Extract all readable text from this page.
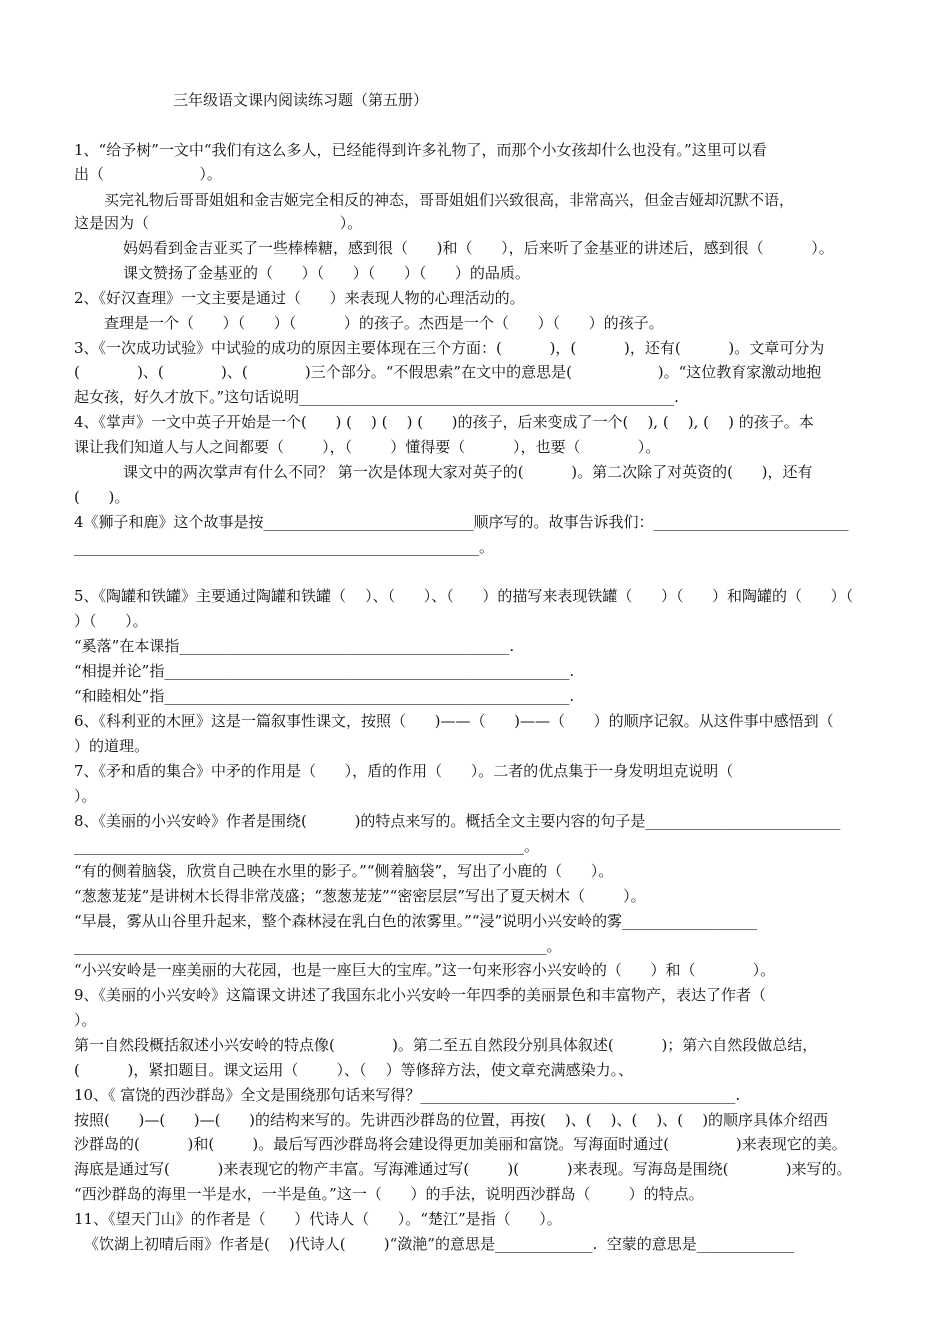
三年级语文课内阅读练习题（第五册）

1、“给予树”一文中“我们有这么多人，已经能得到许多礼物了，而那个小女孩却什么也没有。”这里可以看

出（                    ）。

买完礼物后哥哥姐姐和金吉姬完全相反的神态，哥哥姐姐们兴致很高，非常高兴，但金吉娅却沉默不语，

这是因为（                                        ）。

妈妈看到金吉亚买了一些棒棒糖，感到很（      )和（      ），后来听了金基亚的讲述后，感到很（          ）。

课文赞扬了金基亚的（      ）（      ）（      ）（      ）的品质。

2、《好汉查理》一文主要是通过（      ）来表现人物的心理活动的。

查理是一个（      ）（      ）（          ）的孩子。杰西是一个（      ）（      ）的孩子。

3、《一次成功试验》中试验的成功的原因主要体现在三个方面：(          )，(          )，还有(          )。文章可分为

(            )、(            )、(            )三个部分。“不假思索”在文中的意思是(                  )。“这位教育家激动地抱

起女孩，好久才放下。”这句话说明__________________________________________________.

4、《掌声》一文中英子开始是一个(      ) (    ) (    ) (      )的孩子，后来变成了一个(    ), (    ), (    ) 的孩子。本

课让我们知道人与人之间都要（        ），（        ）懂得要（          ），也要（            ）。

课文中的两次掌声有什么不同？ 第一次是体现大家对英子的(          )。第二次除了对英资的(      )，还有

(      )。

4《狮子和鹿》这个故事是按____________________________顺序写的。故事告诉我们：__________________________

______________________________________________________。

5、《陶罐和铁罐》主要通过陶罐和铁罐（    ）、（      ）、（      ）的描写来表现铁罐（      ）（      ）和陶罐的（      ）（

）（      ）。

“奚落”在本课指____________________________________________.

“相提并论”指______________________________________________________.

“和睦相处”指______________________________________________________.

6、《科利亚的木匣》这是一篇叙事性课文，按照（      )——（      )——（      ）的顺序记叙。从这件事中感悟到（

）的道理。

7、《矛和盾的集合》中矛的作用是（      ），盾的作用（      ）。二者的优点集于一身发明坦克说明（

）。

8、《美丽的小兴安岭》作者是围绕(          )的特点来写的。概括全文主要内容的句子是__________________________

____________________________________________________________。

“有的侧着脑袋，欣赏自己映在水里的影子。”“侧着脑袋”，写出了小鹿的（      ）。

“葱葱茏茏”是讲树木长得非常茂盛；“葱葱茏茏”“密密层层”写出了夏天树木（        ）。

“早晨，雾从山谷里升起来，整个森林浸在乳白色的浓雾里。”“浸”说明小兴安岭的雾__________________

_______________________________________________________________。

“小兴安岭是一座美丽的大花园，也是一座巨大的宝库。”这一句来形容小兴安岭的（      ）和（            ）。

9、《美丽的小兴安岭》这篇课文讲述了我国东北小兴安岭一年四季的美丽景色和丰富物产，表达了作者（

）。

第一自然段概括叙述小兴安岭的特点像(            )。第二至五自然段分别具体叙述(          )；第六自然段做总结，

(          )，紧扣题目。课文运用（        ）、（    ）等修辞方法，使文章充满感染力。、

10、《 富饶的西沙群岛》全文是围绕那句话来写得？__________________________________________.

按照(      )—(      )—(      )的结构来写的。先讲西沙群岛的位置，再按(    )、(    )、(    )、(    )的顺序具体介绍西

沙群岛的(          )和(        )。最后写西沙群岛将会建设得更加美丽和富饶。写海面时通过(              )来表现它的美。

海底是通过写(          )来表现它的物产丰富。写海滩通过写(        )(          )来表现。写海岛是围绕(            )来写的。

“西沙群岛的海里一半是水，一半是鱼。”这一（      ）的手法，说明西沙群岛（        ）的特点。

11、《望天门山》的作者是（      ）代诗人（      ）。“楚江”是指（      ）。

《饮湖上初晴后雨》作者是(    )代诗人(        )“潋滟”的意思是_____________.  空蒙的意思是_____________
